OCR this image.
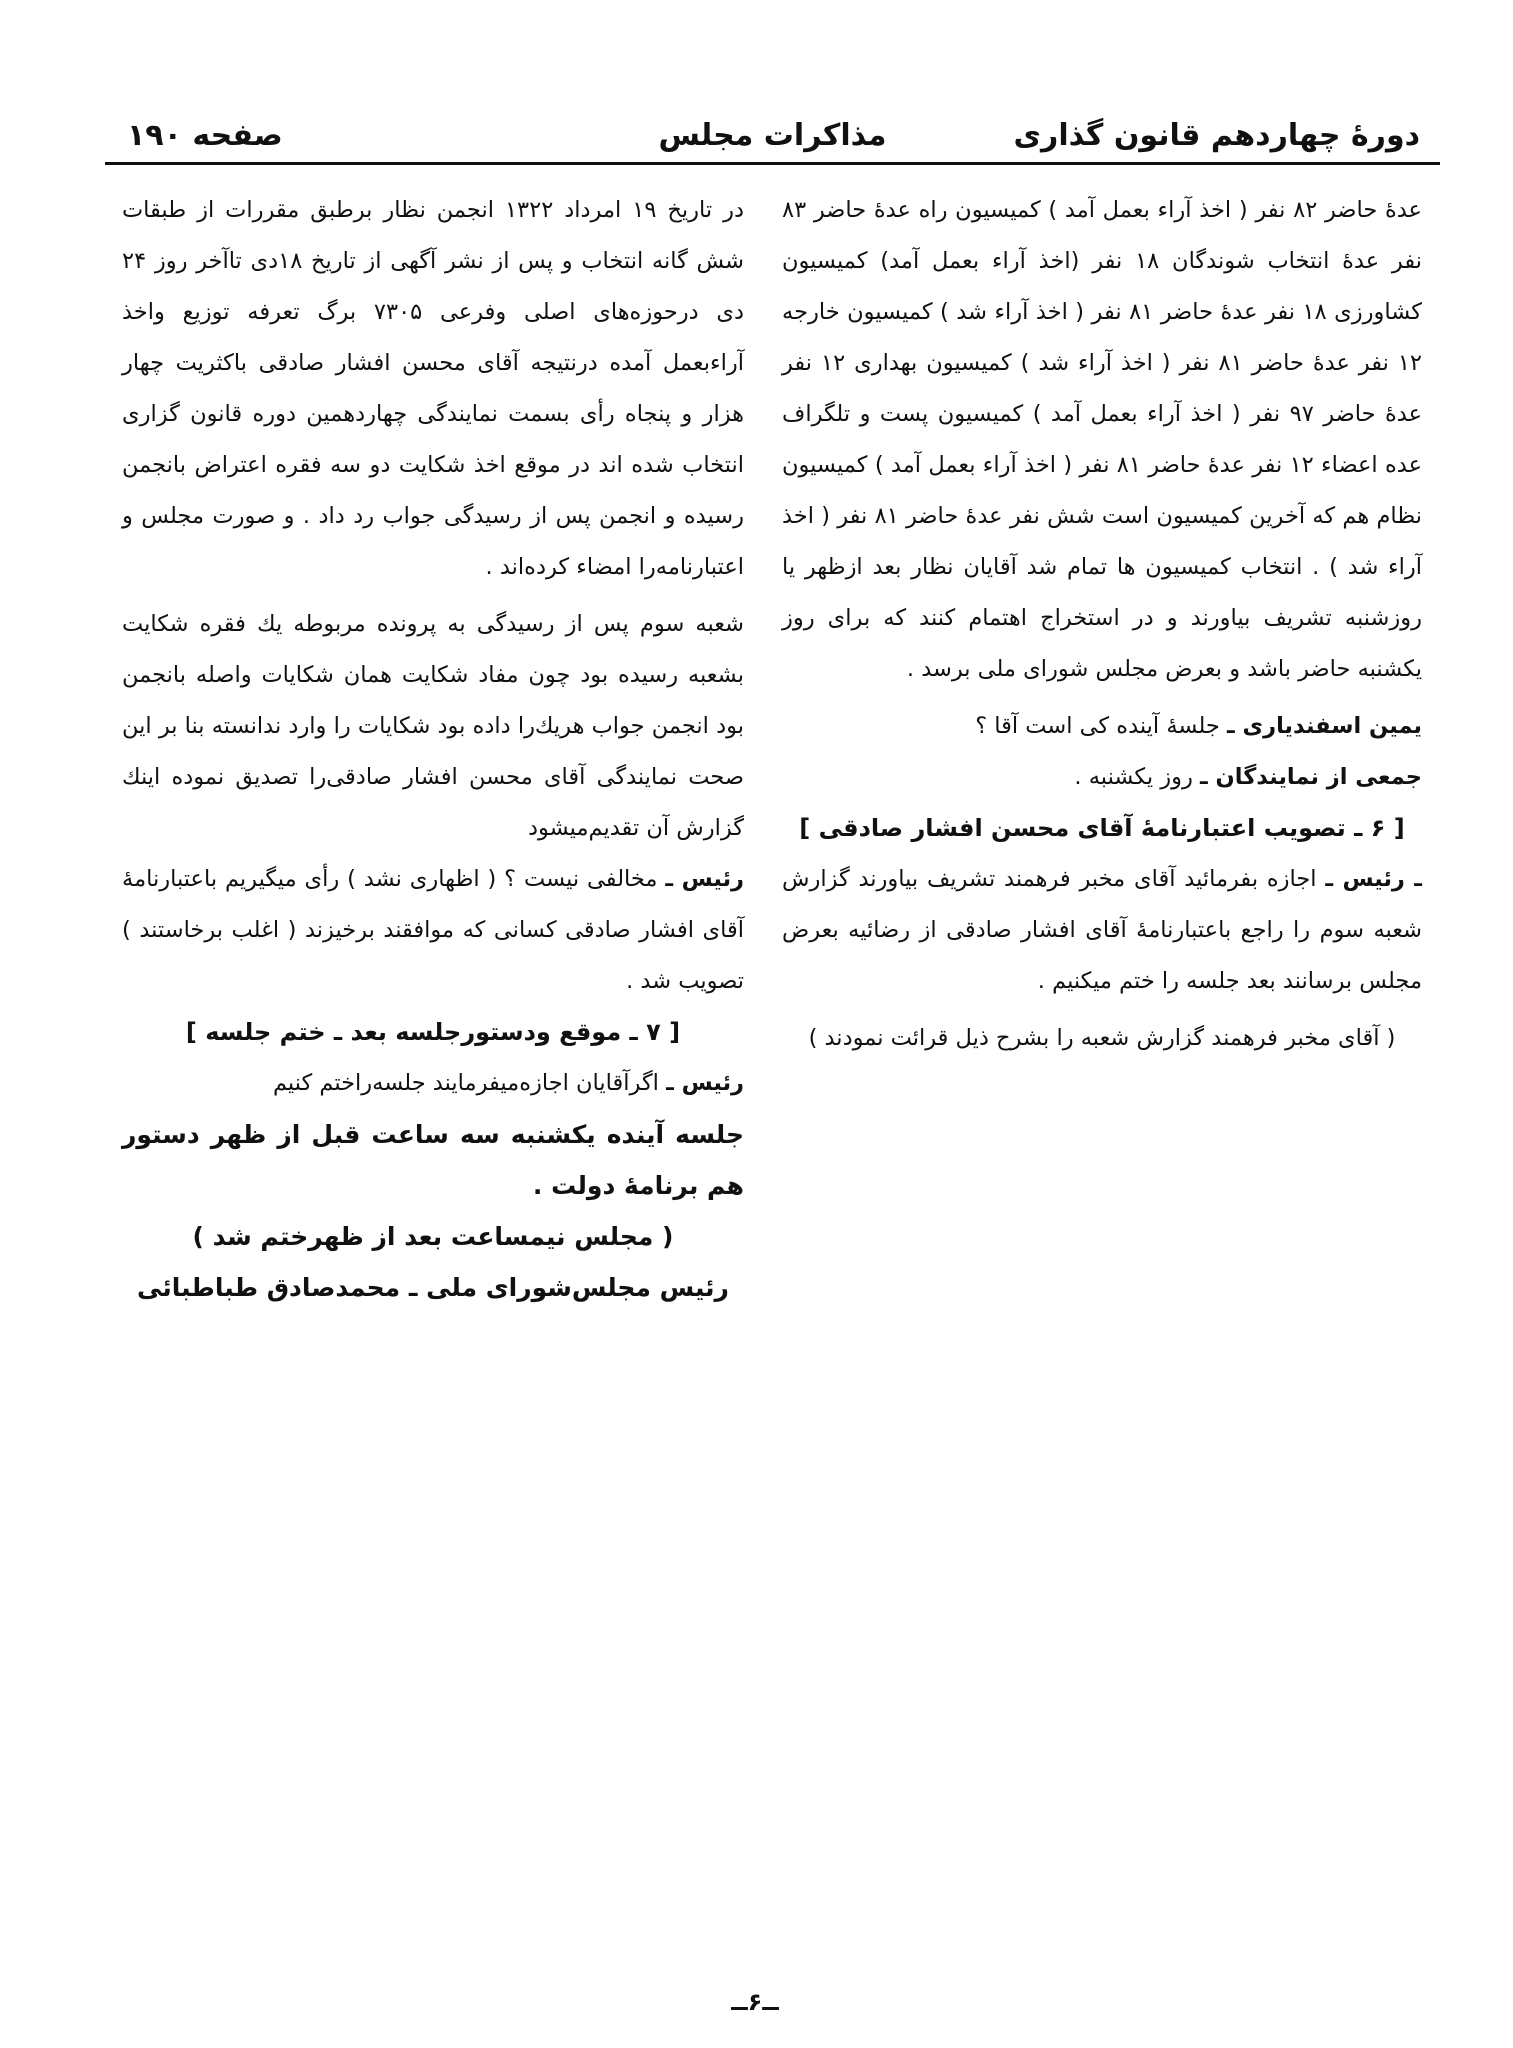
دورهٔ چهاردهم قانون گذاری
مذاکرات مجلس
صفحه ۱۹۰

عدهٔ حاضر ۸۲ نفر ( اخذ آراء بعمل آمد ) کمیسیون راه عدهٔ حاضر ۸۳ نفر عدهٔ انتخاب شوندگان ۱۸ نفر (اخذ آراء بعمل آمد) کمیسیون کشاورزی ۱۸ نفر عدهٔ حاضر ۸۱ نفر ( اخذ آراء شد ) کمیسیون خارجه ۱۲ نفر عدهٔ حاضر ۸۱ نفر ( اخذ آراء شد ) کمیسیون بهداری ۱۲ نفر عدهٔ حاضر ۹۷ نفر ( اخذ آراء بعمل آمد ) کمیسیون پست و تلگراف عده اعضاء ۱۲ نفر عدهٔ حاضر ۸۱ نفر ( اخذ آراء بعمل آمد ) کمیسیون نظام هم که آخرین کمیسیون است شش نفر عدهٔ حاضر ۸۱ نفر ( اخذ آراء شد ) . انتخاب کمیسیون ها تمام شد آقایان نظار بعد ازظهر یا روزشنبه تشریف بیاورند و در استخراج اهتمام کنند که برای روز یکشنبه حاضر باشد و بعرض مجلس شورای ملی برسد .

یمین اسفندیاری ـ جلسهٔ آینده کی است آقا ؟

جمعی از نمایندگان ـ روز یکشنبه .

[ ۶ ـ تصویب اعتبارنامهٔ آقای محسن افشار صادقی ]

ـ رئیس ـ اجازه بفرمائید آقای مخبر فرهمند تشریف بیاورند گزارش شعبه سوم را راجع باعتبارنامهٔ آقای افشار صادقی از رضائیه بعرض مجلس برسانند بعد جلسه را ختم میکنیم .

( آقای مخبر فرهمند گزارش شعبه را بشرح ذیل قرائت نمودند )

در تاریخ ۱۹ امرداد ۱۳۲۲ انجمن نظار برطبق مقررات از طبقات شش گانه انتخاب و پس از نشر آگهی از تاریخ ۱۸دی تاآخر روز ۲۴ دی درحوزه‌های اصلی وفرعی ۷۳۰۵ برگ تعرفه توزیع واخذ آراءبعمل آمده درنتیجه آقای محسن افشار صادقی باکثریت چهار هزار و پنجاه رأی بسمت نمایندگی چهاردهمین دوره قانون گزاری انتخاب شده اند در موقع اخذ شکایت دو سه فقره اعتراض بانجمن رسیده و انجمن پس از رسیدگی جواب رد داد . و صورت مجلس و اعتبارنامه‌را امضاء کرده‌اند .

شعبه سوم پس از رسیدگی به پرونده مربوطه یك فقره شکایت بشعبه رسیده بود چون مفاد شکایت همان شکایات واصله بانجمن بود انجمن جواب هریك‌را داده بود شکایات را وارد ندانسته بنا بر این صحت نمایندگی آقای محسن افشار صادقی‌را تصدیق نموده اینك گزارش آن تقدیم‌میشود

رئیس ـ مخالفی نیست ؟ ( اظهاری نشد ) رأی میگیریم باعتبارنامهٔ آقای افشار صادقی کسانی که موافقند برخیزند ( اغلب برخاستند ) تصویب شد .

[ ۷ ـ موقع ودستورجلسه بعد ـ ختم جلسه ]

رئیس ـ اگرآقایان اجازه‌میفرمایند جلسه‌راختم کنیم

جلسه آینده یکشنبه سه ساعت قبل از ظهر دستور هم برنامهٔ دولت .

( مجلس نیمساعت بعد از ظهرختم شد )

رئیس مجلس‌شورای ملی ـ محمدصادق طباطبائی

ــ۶ــ
